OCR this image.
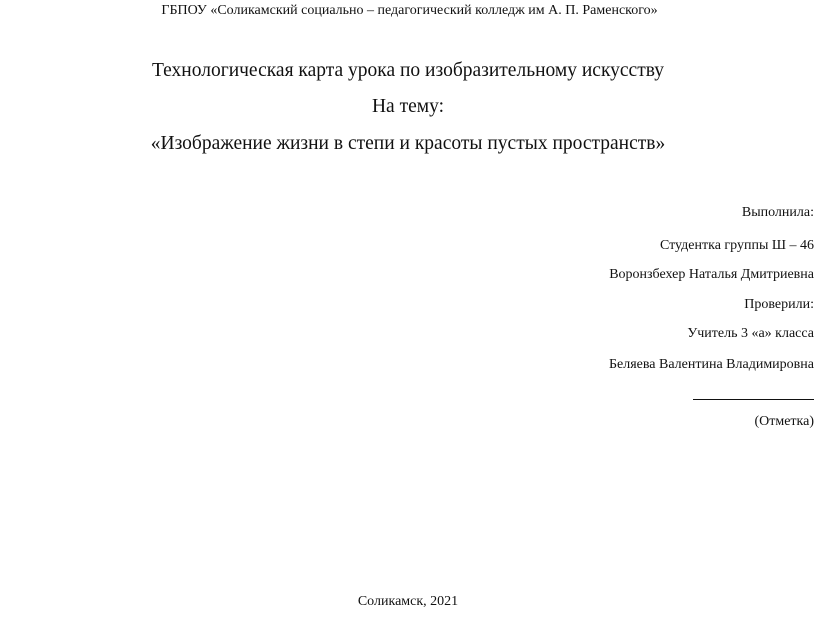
ГБПОУ «Соликамский социально – педагогический колледж им А. П. Раменского»
Технологическая карта урока по изобразительному искусству
На тему:
«Изображение жизни в степи и красоты пустых пространств»
Выполнила:
Студентка группы Ш – 46
Воронзбехер Наталья Дмитриевна
Проверили:
Учитель 3 «а» класса
Беляева Валентина Владимировна
(Отметка)
Соликамск, 2021
